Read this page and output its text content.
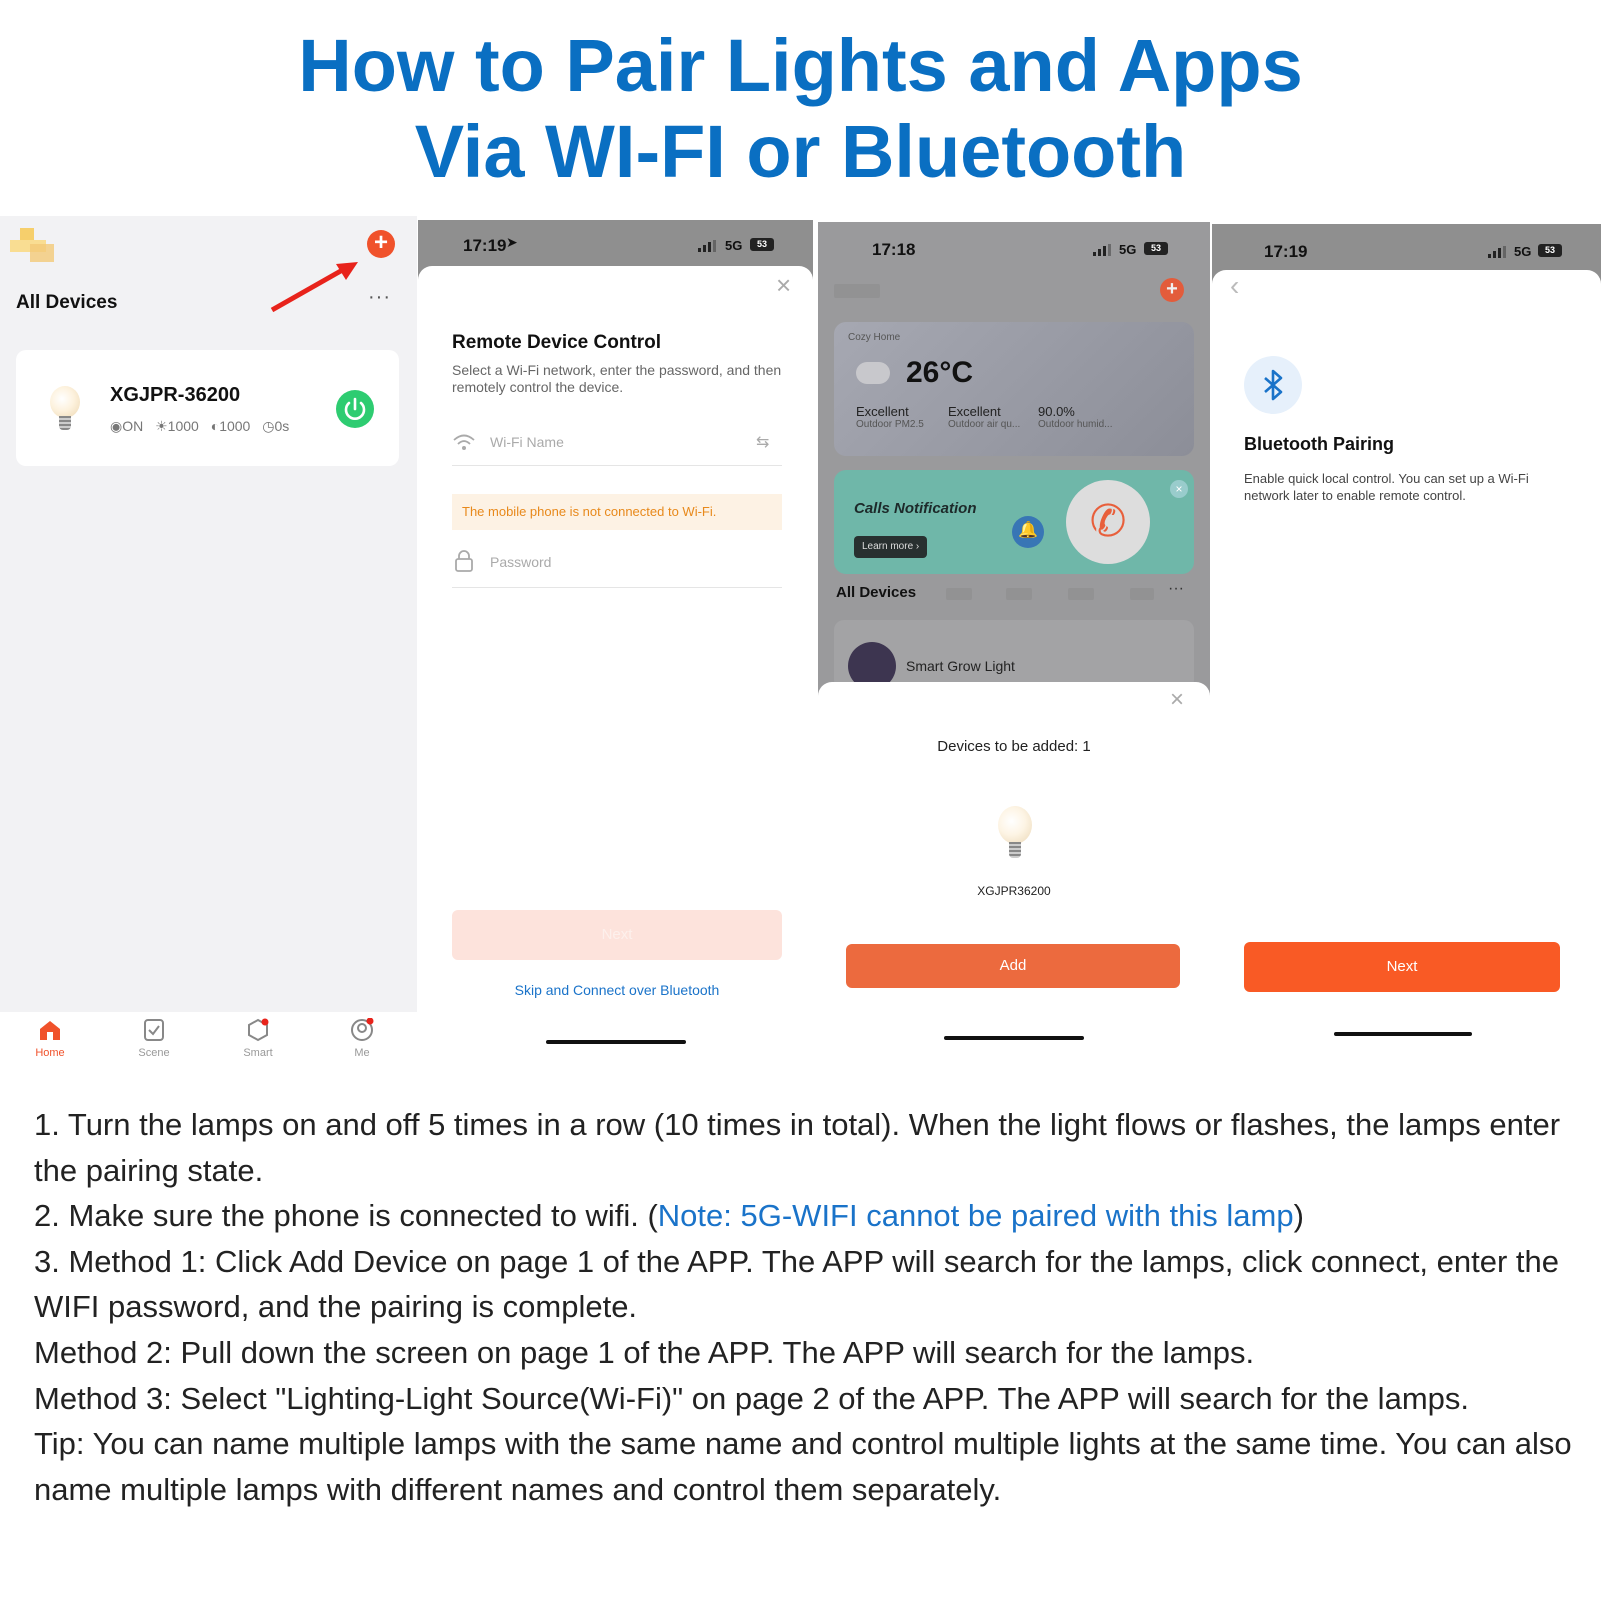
How to Pair Lights and Apps
Via WI-FI or Bluetooth
+
All Devices	···
XGJPR-36200
◉ON ☀1000 ◐1000 ◷0s
Home	Scene	Smart	Me
17:19 ➤	5G	53
×
Remote Device Control
Select a Wi-Fi network, enter the password, and then remotely control the device.
Wi-Fi Name	⇆
The mobile phone is not connected to Wi-Fi.
Password
Next
Skip and Connect over Bluetooth
17:18	5G	53
+
Cozy Home
26°C
Excellent
Outdoor PM2.5
Excellent
Outdoor air qu...
90.0%
Outdoor humid...
Calls Notification
Learn more ›
🔔	✆
×
All Devices	···
Smart Grow Light
×
Devices to be added: 1
XGJPR36200
Add
17:19	5G	53
‹
Bluetooth Pairing
Enable quick local control. You can set up a Wi-Fi network later to enable remote control.
Next
1. Turn the lamps on and off 5 times in a row (10 times in total). When the light flows or flashes, the lamps enter the pairing state.
2. Make sure the phone is connected to wifi. (Note: 5G-WIFI cannot be paired with this lamp)
3. Method 1: Click Add Device on page 1 of the APP. The APP will search for the lamps, click connect, enter the WIFI password, and the pairing is complete.
Method 2: Pull down the screen on page 1 of the APP. The APP will search for the lamps.
Method 3: Select "Lighting-Light Source(Wi-Fi)" on page 2 of the APP. The APP will search for the lamps.
Tip: You can name multiple lamps with the same name and control multiple lights at the same time. You can also name multiple lamps with different names and control them separately.
